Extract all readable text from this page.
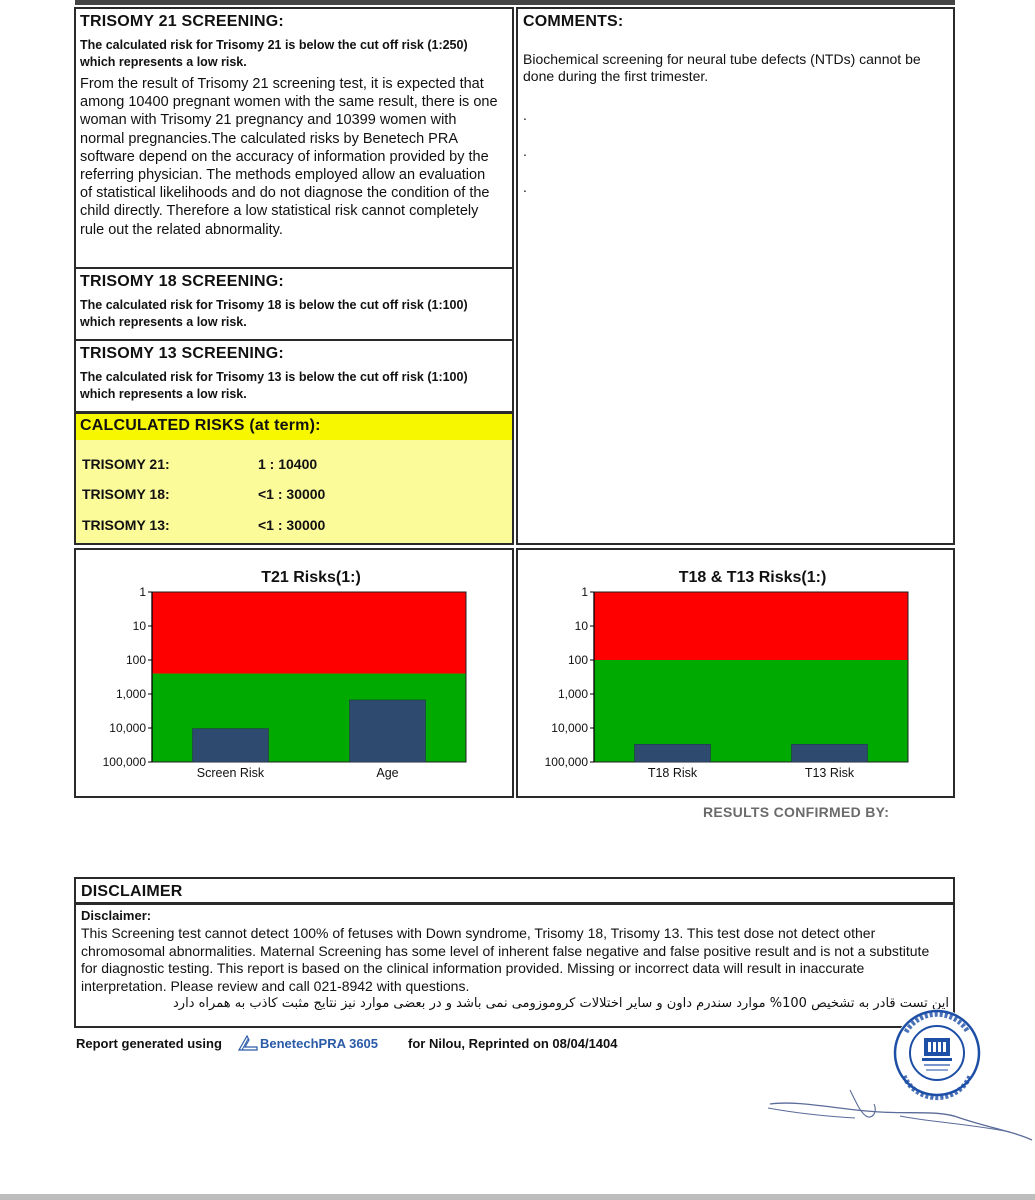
TRISOMY 21 SCREENING:
The calculated risk for Trisomy 21 is below the cut off risk (1:250) which represents a low risk.
From the result of Trisomy 21 screening test, it is expected that among 10400 pregnant women with the same result, there is one woman with Trisomy 21 pregnancy and 10399 women with normal pregnancies.The calculated risks by Benetech PRA software depend on the accuracy of information provided by the referring physician. The methods employed allow an evaluation of statistical likelihoods and do not diagnose the condition of the child directly. Therefore a low statistical risk cannot completely rule out the related abnormality.
TRISOMY 18 SCREENING:
The calculated risk for Trisomy 18 is below the cut off risk (1:100) which represents a low risk.
TRISOMY 13 SCREENING:
The calculated risk for Trisomy 13 is below the cut off risk (1:100) which represents a low risk.
CALCULATED RISKS (at term):
TRISOMY 21:	1 : 10400
TRISOMY 18:	<1 : 30000
TRISOMY 13:	<1 : 30000
COMMENTS:
Biochemical screening for neural tube defects (NTDs) cannot be done during the first trimester.
.
.
.
T21 Risks(1:)
1
10
100
1,000
10,000
100,000
Screen Risk	Age
T18 & T13 Risks(1:)
1
10
100
1,000
10,000
100,000
T18 Risk	T13 Risk
RESULTS CONFIRMED BY:
DISCLAIMER
Disclaimer:
This Screening test cannot detect 100% of fetuses with Down syndrome, Trisomy 18, Trisomy 13. This test dose not detect other chromosomal abnormalities. Maternal Screening has some level of inherent false negative and false positive result and is not a substitute for diagnostic testing. This report is based on the clinical information provided. Missing or incorrect data will result in inaccurate interpretation. Please review and call 021-8942 with questions.
این تست قادر به تشخیص 100% موارد سندرم داون و سایر اختلالات کروموزومی نمی باشد و در بعضی موارد نیز نتایج مثبت کاذب به همراه دارد
Report generated using	BenetechPRA 3605 for Nilou, Reprinted on 08/04/1404
